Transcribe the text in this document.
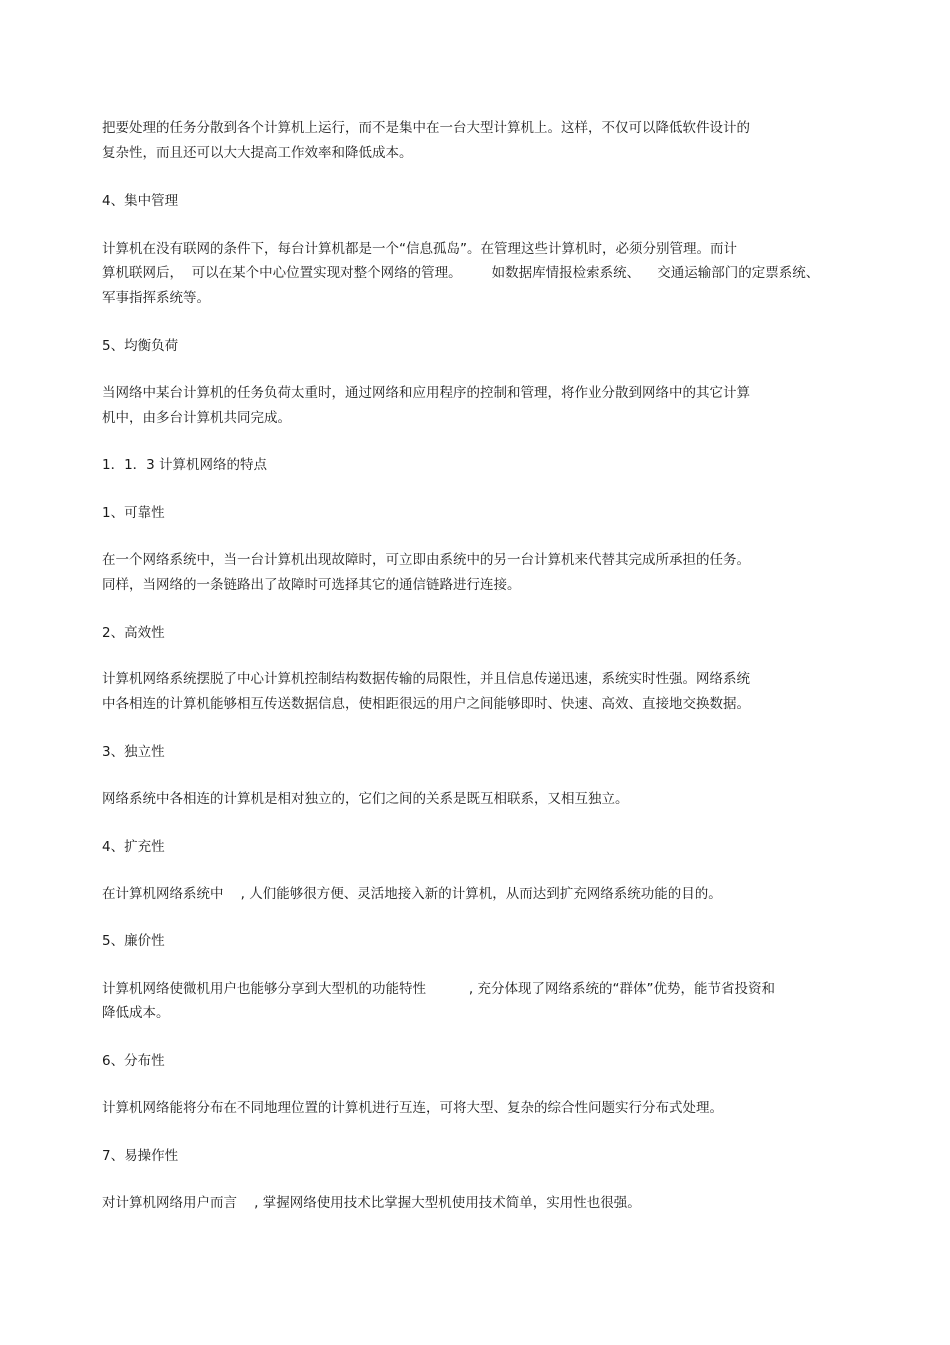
把要处理的任务分散到各个计算机上运行，而不是集中在一台大型计算机上。这样，不仅可以降低软件设计的
复杂性，而且还可以大大提高工作效率和降低成本。
4、集中管理
计算机在没有联网的条件下，每台计算机都是一个“信息孤岛”。在管理这些计算机时，必须分别管理。而计
算机联网后，  可以在某个中心位置实现对整个网络的管理。       如数据库情报检索系统、    交通运输部门的定票系统、
军事指挥系统等。
5、均衡负荷
当网络中某台计算机的任务负荷太重时，通过网络和应用程序的控制和管理，将作业分散到网络中的其它计算
机中，由多台计算机共同完成。
1．1．3 计算机网络的特点
1、可靠性
在一个网络系统中，当一台计算机出现故障时，可立即由系统中的另一台计算机来代替其完成所承担的任务。
同样，当网络的一条链路出了故障时可选择其它的通信链路进行连接。
2、高效性
计算机网络系统摆脱了中心计算机控制结构数据传输的局限性，并且信息传递迅速，系统实时性强。网络系统
中各相连的计算机能够相互传送数据信息，使相距很远的用户之间能够即时、快速、高效、直接地交换数据。
3、独立性
网络系统中各相连的计算机是相对独立的，它们之间的关系是既互相联系，又相互独立。
4、扩充性
在计算机网络系统中    , 人们能够很方便、灵活地接入新的计算机，从而达到扩充网络系统功能的目的。
5、廉价性
计算机网络使微机用户也能够分享到大型机的功能特性          , 充分体现了网络系统的“群体”优势，能节省投资和
降低成本。
6、分布性
计算机网络能将分布在不同地理位置的计算机进行互连，可将大型、复杂的综合性问题实行分布式处理。
7、易操作性
对计算机网络用户而言    , 掌握网络使用技术比掌握大型机使用技术简单，实用性也很强。
